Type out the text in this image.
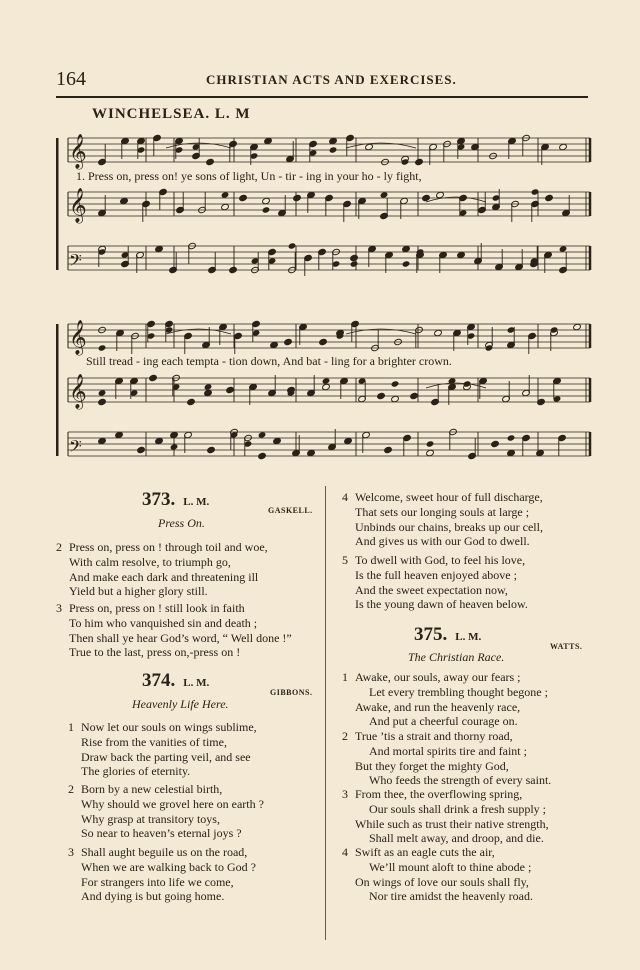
164	CHRISTIAN ACTS AND EXERCISES.
WINCHELSEA. L. M
𝄞
𝄞
𝄢
1. Press on, press on! ye sons of light, Un - tir - ing in your ho - ly fight,
𝄞
𝄞
𝄢
Still tread - ing each tempta - tion down, And bat - ling for a brighter crown.
373. L. M.
GASKELL.
Press On.
2 Press on, press on ! through toil and woe,
With calm resolve, to triumph go,
And make each dark and threatening ill
Yield but a higher glory still.
3 Press on, press on ! still look in faith
To him who vanquished sin and death ;
Then shall ye hear God’s word, “ Well done !”
True to the last, press on,-press on !
374. L. M.
GIBBONS.
Heavenly Life Here.
1 Now let our souls on wings sublime,
Rise from the vanities of time,
Draw back the parting veil, and see
The glories of eternity.
2 Born by a new celestial birth,
Why should we grovel here on earth ?
Why grasp at transitory toys,
So near to heaven’s eternal joys ?
3 Shall aught beguile us on the road,
When we are walking back to God ?
For strangers into life we come,
And dying is but going home.
4 Welcome, sweet hour of full discharge,
That sets our longing souls at large ;
Unbinds our chains, breaks up our cell,
And gives us with our God to dwell.
5 To dwell with God, to feel his love,
Is the full heaven enjoyed above ;
And the sweet expectation now,
Is the young dawn of heaven below.
375. L. M.
WATTS.
The Christian Race.
1 Awake, our souls, away our fears ;
Let every trembling thought begone ;
Awake, and run the heavenly race,
And put a cheerful courage on.
2 True ’tis a strait and thorny road,
And mortal spirits tire and faint ;
But they forget the mighty God,
Who feeds the strength of every saint.
3 From thee, the overflowing spring,
Our souls shall drink a fresh supply ;
While such as trust their native strength,
Shall melt away, and droop, and die.
4 Swift as an eagle cuts the air,
We’ll mount aloft to thine abode ;
On wings of love our souls shall fly,
Nor tire amidst the heavenly road.
